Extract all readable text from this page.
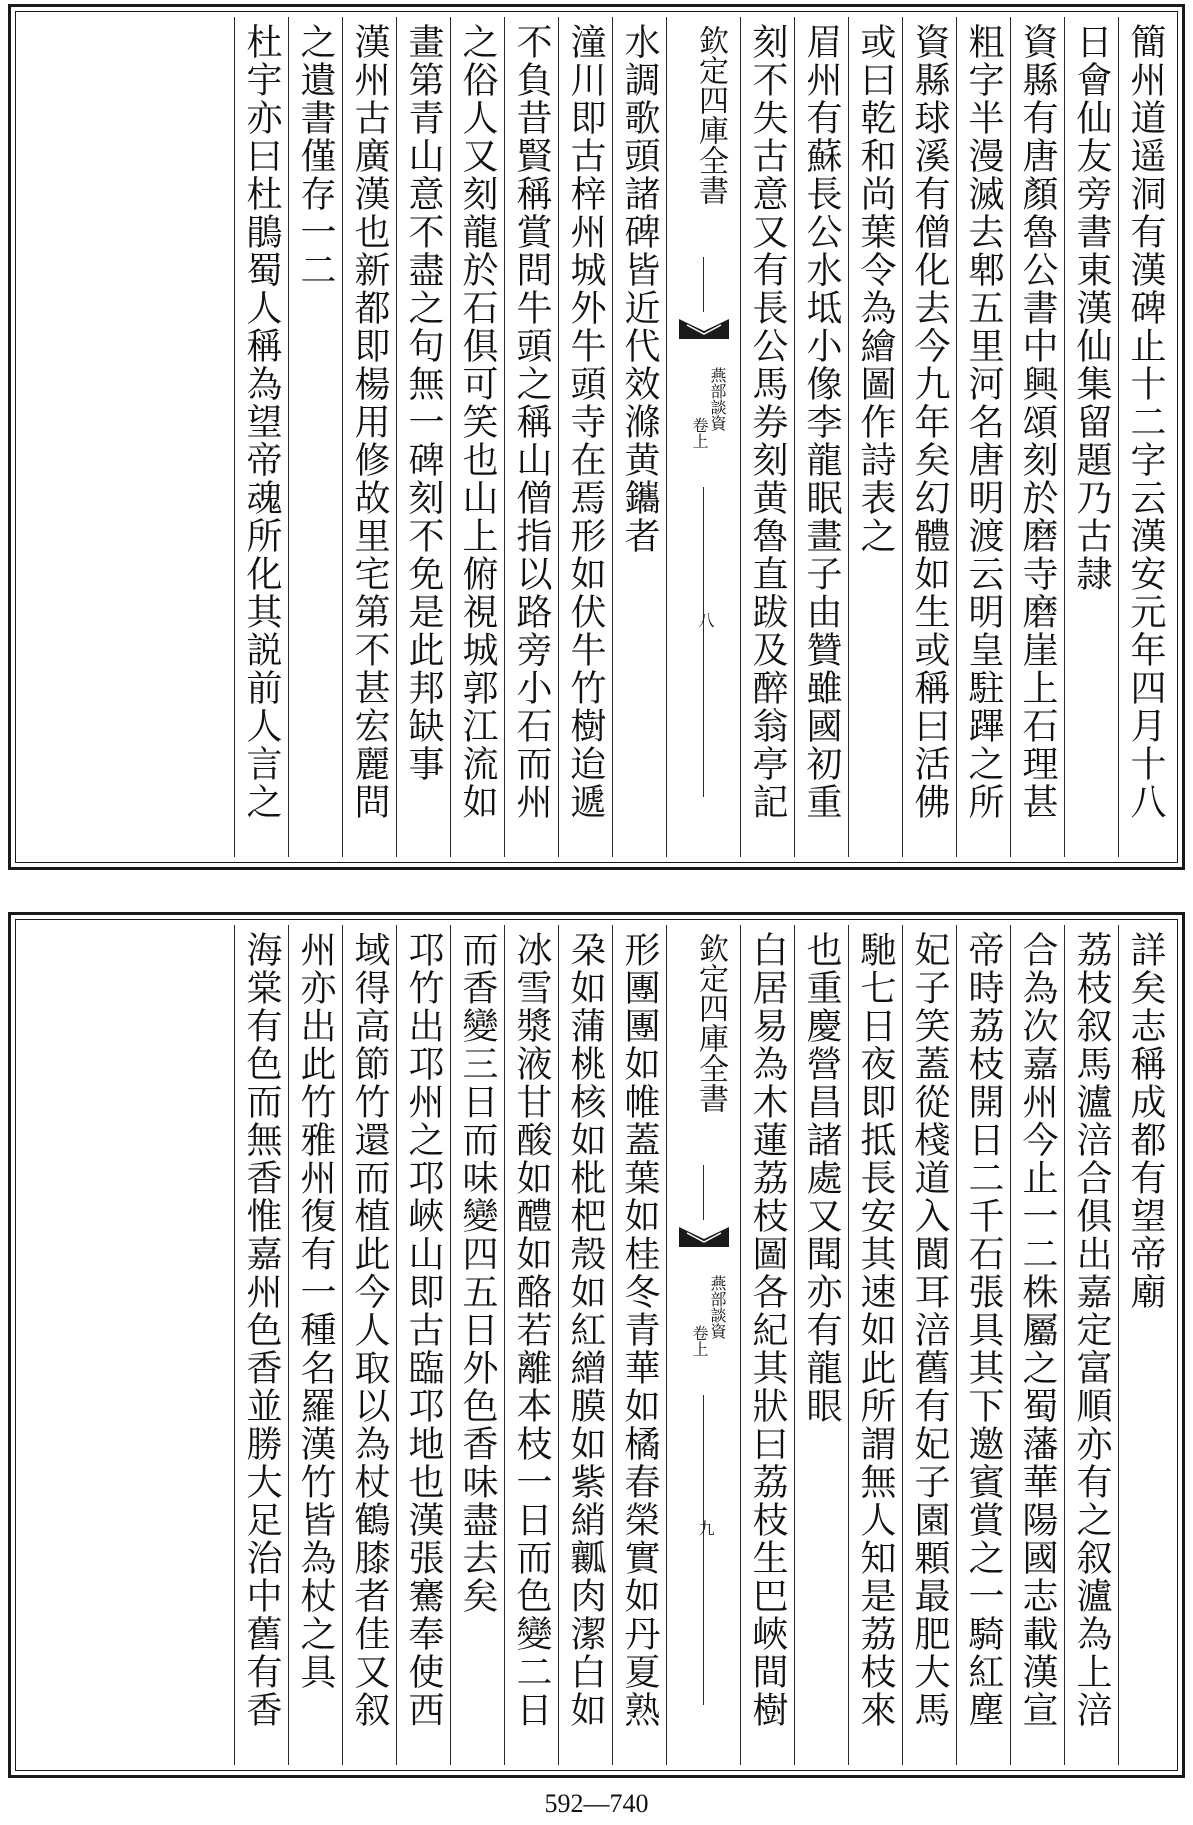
簡州道遥洞有漢碑止十二字云漢安元年四月十八
日會仙友旁書東漢仙集留題乃古隷
資縣有唐顏魯公書中興頌刻於磨寺磨崖上石理甚
粗字半漫滅去郫五里河名唐明渡云明皇駐蹕之所
資縣球溪有僧化去今九年矣幻體如生或稱曰活佛
或曰乾和尚葉令為繪圖作詩表之
眉州有蘇長公水坻小像李龍眠畫子由贊雖國初重
刻不失古意又有長公馬券刻黄魯直跋及醉翁亭記
欽定四庫全書
燕部談資
卷上
八
水調歌頭諸碑皆近代效滌黄鑴者
潼川即古梓州城外牛頭寺在焉形如伏牛竹樹迨遞
不負昔賢稱賞問牛頭之稱山僧指以路旁小石而州
之俗人又刻龍於石俱可笑也山上俯視城郭江流如
畫第青山意不盡之句無一碑刻不免是此邦缺事
漢州古廣漢也新都即楊用修故里宅第不甚宏麗問
之遺書僅存一二
杜宇亦曰杜鵑蜀人稱為望帝魂所化其説前人言之
詳矣志稱成都有望帝廟
荔枝叙馬瀘涪合俱出嘉定富順亦有之叙瀘為上涪
合為次嘉州今止一二株屬之蜀藩華陽國志載漢宣
帝時荔枝開日二千石張具其下邀賓賞之一騎紅塵
妃子笑蓋從棧道入閬耳涪舊有妃子園顆最肥大馬
馳七日夜即抵長安其速如此所謂無人知是荔枝來
也重慶營昌諸處又聞亦有龍眼
白居易為木蓮荔枝圖各紀其狀曰荔枝生巴峽間樹
欽定四庫全書
燕部談資
卷上
九
形團團如帷蓋葉如桂冬青華如橘春榮實如丹夏熟
朶如蒲桃核如枇杷殼如紅繒膜如紫綃瓤肉潔白如
冰雪漿液甘酸如醴如酪若離本枝一日而色變二日
而香變三日而味變四五日外色香味盡去矣
邛竹出邛州之邛峽山即古臨邛地也漢張騫奉使西
域得高節竹還而植此今人取以為杖鶴膝者佳又叙
州亦出此竹雅州復有一種名羅漢竹皆為杖之具
海棠有色而無香惟嘉州色香並勝大足治中舊有香
592—740
